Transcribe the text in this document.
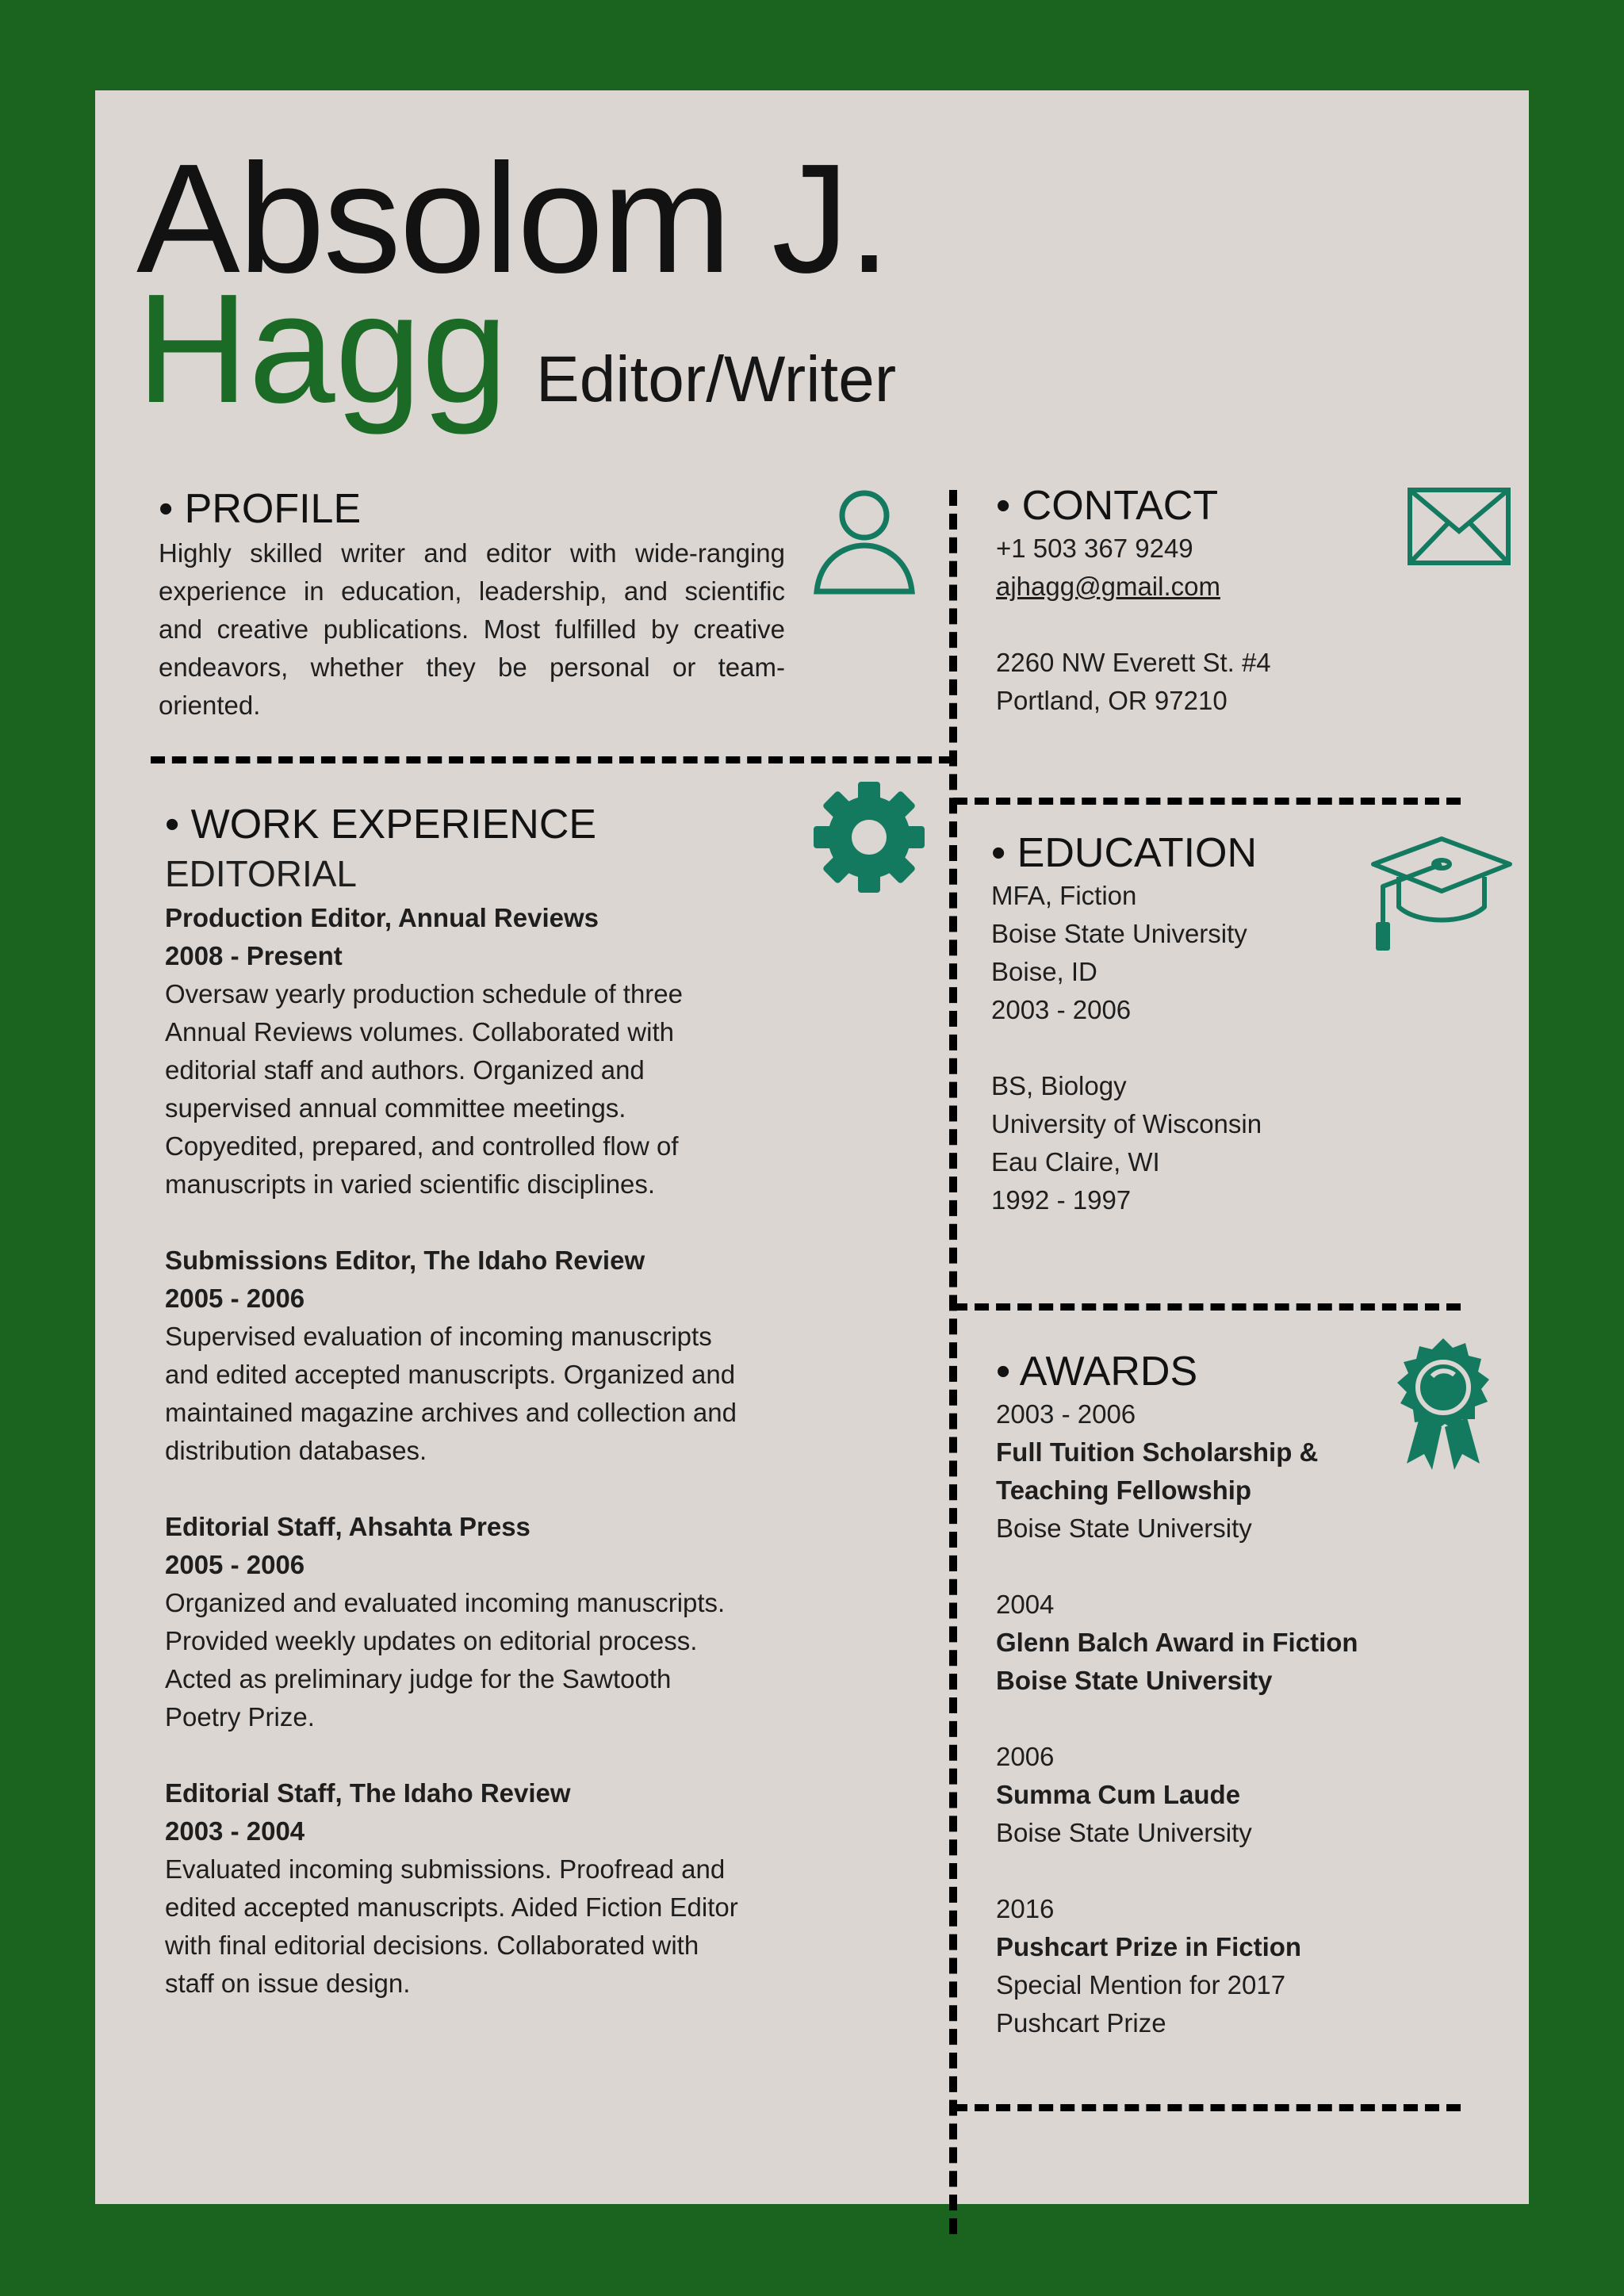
Absolom J.
Hagg Editor/Writer
• PROFILE
Highly skilled writer and editor with wide-ranging experience in education, leadership, and scientific and creative publications. Most fulfilled by creative endeavors, whether they be personal or team-oriented.
• CONTACT
+1 503 367 9249
ajhagg@gmail.com
2260 NW Everett St. #4
Portland, OR 97210
• WORK EXPERIENCE
EDITORIAL
Production Editor, Annual Reviews
2008 - Present
Oversaw yearly production schedule of three
Annual Reviews volumes. Collaborated with
editorial staff and authors. Organized and
supervised annual committee meetings.
Copyedited, prepared, and controlled flow of
manuscripts in varied scientific disciplines.
Submissions Editor, The Idaho Review
2005 - 2006
Supervised evaluation of incoming manuscripts
and edited accepted manuscripts. Organized and
maintained magazine archives and collection and
distribution databases.
Editorial Staff, Ahsahta Press
2005 - 2006
Organized and evaluated incoming manuscripts.
Provided weekly updates on editorial process.
Acted as preliminary judge for the Sawtooth
Poetry Prize.
Editorial Staff, The Idaho Review
2003 - 2004
Evaluated incoming submissions. Proofread and
edited accepted manuscripts. Aided Fiction Editor
with final editorial decisions. Collaborated with
staff on issue design.
• EDUCATION
MFA, Fiction
Boise State University
Boise, ID
2003 - 2006
BS, Biology
University of Wisconsin
Eau Claire, WI
1992 - 1997
• AWARDS
2003 - 2006
Full Tuition Scholarship &
Teaching Fellowship
Boise State University
2004
Glenn Balch Award in Fiction
Boise State University
2006
Summa Cum Laude
Boise State University
2016
Pushcart Prize in Fiction
Special Mention for 2017
Pushcart Prize
